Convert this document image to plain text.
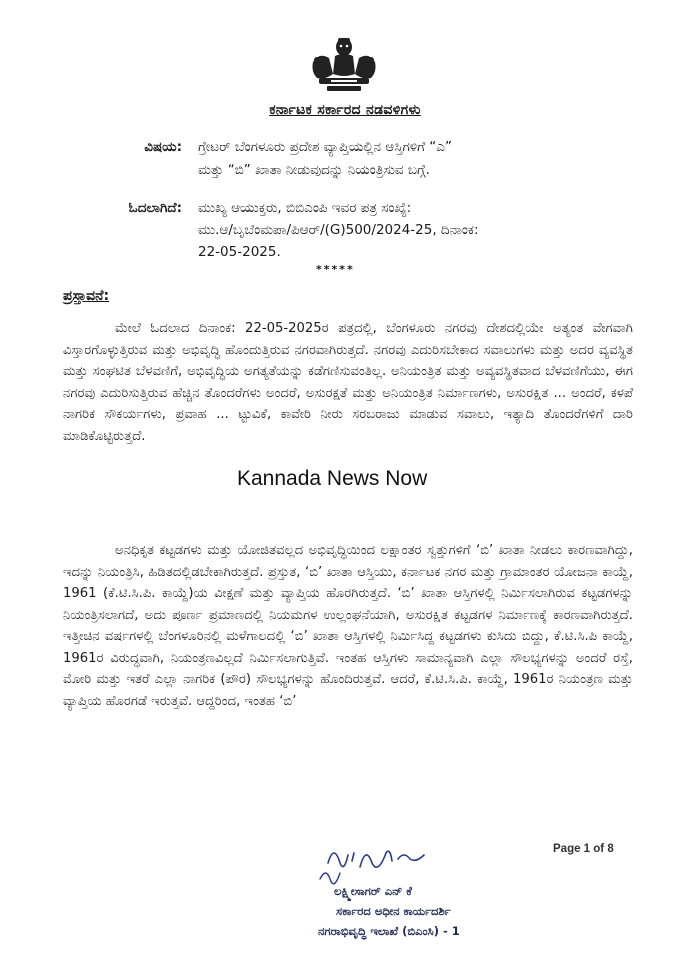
ಕರ್ನಾಟಕ ಸರ್ಕಾರದ ನಡವಳಿಗಳು
ವಿಷಯ: ಗ್ರೇಟರ್ ಬೆಂಗಳೂರು ಪ್ರದೇಶ ವ್ಯಾಪ್ತಿಯಲ್ಲಿನ ಆಸ್ತಿಗಳಿಗೆ “ಎ”
ಮತ್ತು “ಬಿ” ಖಾತಾ ನೀಡುವುದನ್ನು ನಿಯಂತ್ರಿಸುವ ಬಗ್ಗೆ.
ಓದಲಾಗಿದೆ: ಮುಖ್ಯ ಆಯುಕ್ತರು, ಬಿಬಿಎಂಪಿ ಇವರ ಪತ್ರ ಸಂಖ್ಯೆ:
ಮು.ಆ/ಬೃಬೆಂಮಪಾ/ಪಿಆರ್/(G)500/2024-25, ದಿನಾಂಕ:
22-05-2025.
*****
ಪ್ರಸ್ತಾವನೆ:
ಮೇಲೆ ಓದಲಾದ ದಿನಾಂಕ: 22-05-2025ರ ಪತ್ರದಲ್ಲಿ, ಬೆಂಗಳೂರು ನಗರವು ದೇಶದಲ್ಲಿಯೇ ಅತ್ಯಂತ ವೇಗವಾಗಿ ವಿಸ್ತಾರಗೊಳ್ಳುತ್ತಿರುವ ಮತ್ತು ಅಭಿವೃದ್ಧಿ ಹೊಂದುತ್ತಿರುವ ನಗರವಾಗಿರುತ್ತದೆ. ನಗರವು ಎದುರಿಸಬೇಕಾದ ಸವಾಲುಗಳು ಮತ್ತು ಅದರ ವ್ಯವಸ್ಥಿತ ಮತ್ತು ಸಂಘಟಿತ ಬೆಳವಣಿಗೆ, ಅಭಿವೃದ್ಧಿಯ ಅಗತ್ಯತೆಯನ್ನು ಕಡೆಗಣಿಸುವಂತಿಲ್ಲ. ಅನಿಯಂತ್ರಿತ ಮತ್ತು ಅವ್ಯವಸ್ಥಿತವಾದ ಬೆಳವಣಿಗೆಯು, ಈಗ ನಗರವು ಎದುರಿಸುತ್ತಿರುವ ಹೆಚ್ಚಿನ ತೊಂದರೆಗಳು ಅಂದರೆ, ಅಸುರಕ್ಷತೆ ಮತ್ತು ಅನಿಯಂತ್ರಿತ ನಿರ್ಮಾಣಗಳು, ಅಸುರಕ್ಷಿತ ... ಅಂದರೆ, ಕಳಪೆ ನಾಗರಿಕ ಸೌಕರ್ಯಗಳು, ಪ್ರವಾಹ ... ಟ್ಟುವಿಕೆ, ಕಾವೇರಿ ನೀರು ಸರಬರಾಜು ಮಾಡುವ ಸವಾಲು, ಇತ್ಯಾದಿ ತೊಂದರೆಗಳಿಗೆ ದಾರಿ ಮಾಡಿಕೊಟ್ಟಿರುತ್ತದೆ.
ಅನಧಿಕೃತ ಕಟ್ಟಡಗಳು ಮತ್ತು ಯೋಜಿತವಲ್ಲದ ಅಭಿವೃದ್ಧಿಯಿಂದ ಲಕ್ಷಾಂತರ ಸ್ವತ್ತುಗಳಿಗೆ ‘ಬಿ’ ಖಾತಾ ನೀಡಲು ಕಾರಣವಾಗಿದ್ದು, ಇದನ್ನು ನಿಯಂತ್ರಿಸಿ, ಹಿಡಿತದಲ್ಲಿಡಬೇಕಾಗಿರುತ್ತದೆ. ಪ್ರಸ್ತುತ, ‘ಬಿ’ ಖಾತಾ ಆಸ್ತಿಯು, ಕರ್ನಾಟಕ ನಗರ ಮತ್ತು ಗ್ರಾಮಾಂತರ ಯೋಜನಾ ಕಾಯ್ದೆ, 1961 (ಕೆ.ಟಿ.ಸಿ.ಪಿ. ಕಾಯ್ದೆ)ಯ ವೀಕ್ಷಣೆ ಮತ್ತು ವ್ಯಾಪ್ತಿಯ ಹೊರಗಿರುತ್ತದೆ. ‘ಬಿ’ ಖಾತಾ ಆಸ್ತಿಗಳಲ್ಲಿ ನಿರ್ಮಿಸಲಾಗಿರುವ ಕಟ್ಟಡಗಳನ್ನು ನಿಯಂತ್ರಿಸಲಾಗದೆ, ಅದು ಪೂರ್ಣ ಪ್ರಮಾಣದಲ್ಲಿ ನಿಯಮಗಳ ಉಲ್ಲಂಘನೆಯಾಗಿ, ಅಸುರಕ್ಷಿತ ಕಟ್ಟಡಗಳ ನಿರ್ಮಾಣಕ್ಕೆ ಕಾರಣವಾಗಿರುತ್ತದೆ. ಇತ್ತೀಚಿನ ವರ್ಷಗಳಲ್ಲಿ ಬೆಂಗಳೂರಿನಲ್ಲಿ ಮಳೆಗಾಲದಲ್ಲಿ ‘ಬಿ’ ಖಾತಾ ಆಸ್ತಿಗಳಲ್ಲಿ ನಿರ್ಮಿಸಿದ್ದ ಕಟ್ಟಡಗಳು ಕುಸಿದು ಬಿದ್ದು, ಕೆ.ಟಿ.ಸಿ.ಪಿ ಕಾಯ್ದೆ, 1961ರ ವಿರುದ್ಧವಾಗಿ, ನಿಯಂತ್ರಣವಿಲ್ಲದೆ ನಿರ್ಮಿಸಲಾಗುತ್ತಿವೆ. ಇಂತಹ ಆಸ್ತಿಗಳು ಸಾಮಾನ್ಯವಾಗಿ ಎಲ್ಲಾ ಸೌಲಭ್ಯಗಳನ್ನು ಅಂದರೆ ರಸ್ತೆ, ಮೋರಿ ಮತ್ತು ಇತರೆ ಎಲ್ಲಾ ನಾಗರಿಕ (ಪೌರ) ಸೌಲಭ್ಯಗಳನ್ನು ಹೊಂದಿರುತ್ತವೆ. ಆದರೆ, ಕೆ.ಟಿ.ಸಿ.ಪಿ. ಕಾಯ್ದೆ, 1961ರ ನಿಯಂತ್ರಣ ಮತ್ತು ವ್ಯಾಪ್ತಿಯ ಹೊರಗಡೆ ಇರುತ್ತವೆ. ಆದ್ದರಿಂದ, ಇಂತಹ ‘ಬಿ’
Kannada News Now
Page 1 of 8
ಲಕ್ಷ್ಮೀಸಾಗರ್ ಎನ್ ಕೆ
ಸರ್ಕಾರದ ಅಧೀನ ಕಾರ್ಯದರ್ಶಿ
ನಗರಾಭಿವೃದ್ಧಿ ಇಲಾಖೆ (ಬಿಎಂಸಿ) - 1
